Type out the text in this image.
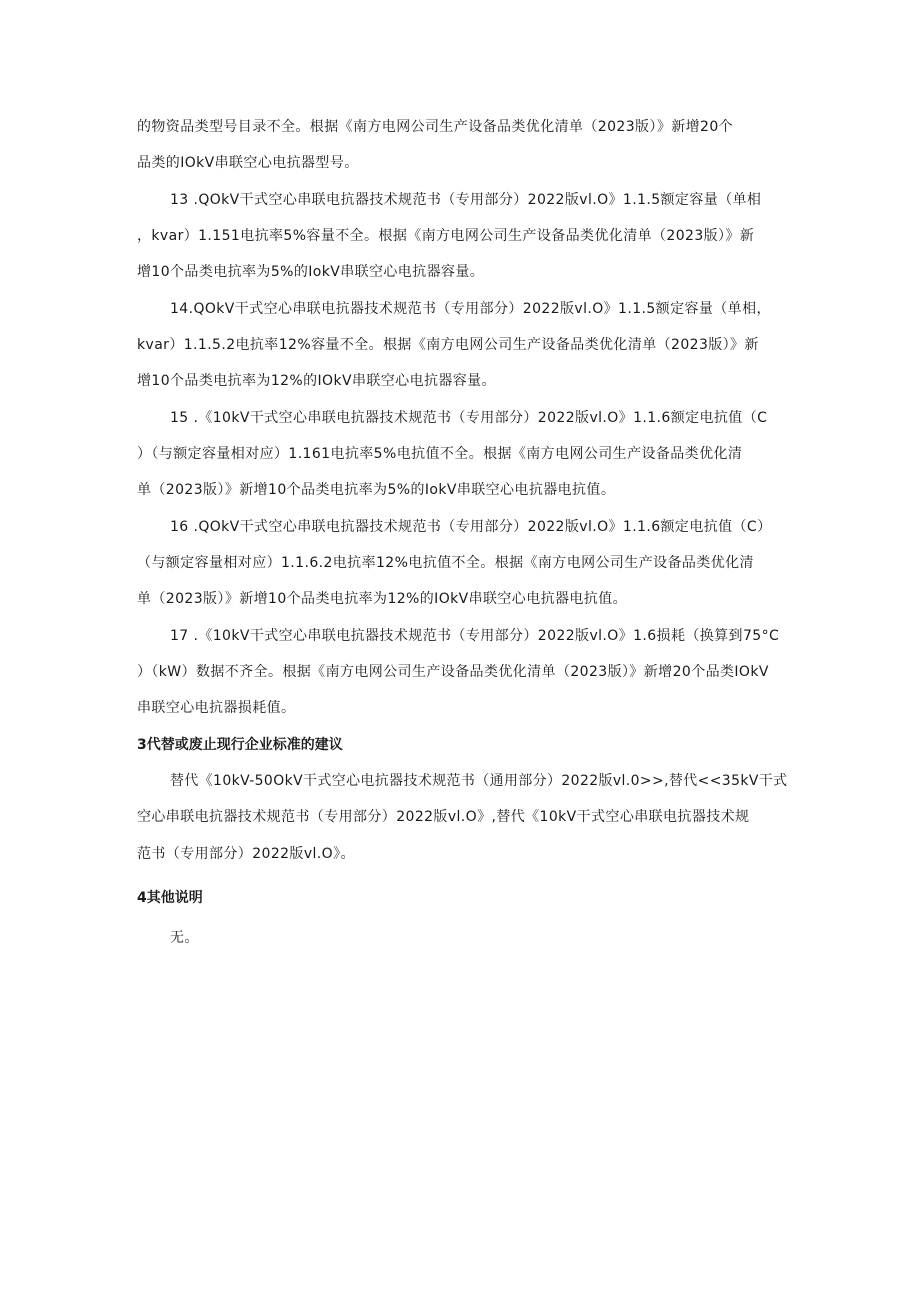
的物资品类型号目录不全。根据《南方电网公司生产设备品类优化清单（2023版）》新增20个
品类的IOkV串联空心电抗器型号。
13 .QOkV干式空心串联电抗器技术规范书（专用部分）2022版vl.O》1.1.5额定容量（单相
，kvar）1.151电抗率5%容量不全。根据《南方电网公司生产设备品类优化清单（2023版）》新
增10个品类电抗率为5%的IokV串联空心电抗器容量。
14.QOkV干式空心串联电抗器技术规范书（专用部分）2022版vl.O》1.1.5额定容量（单相，
kvar）1.1.5.2电抗率12%容量不全。根据《南方电网公司生产设备品类优化清单（2023版）》新
增10个品类电抗率为12%的IOkV串联空心电抗器容量。
15 .《10kV干式空心串联电抗器技术规范书（专用部分）2022版vl.O》1.1.6额定电抗值（C
）（与额定容量相对应）1.161电抗率5%电抗值不全。根据《南方电网公司生产设备品类优化清
单（2023版）》新增10个品类电抗率为5%的IokV串联空心电抗器电抗值。
16 .QOkV干式空心串联电抗器技术规范书（专用部分）2022版vl.O》1.1.6额定电抗值（C）
（与额定容量相对应）1.1.6.2电抗率12%电抗值不全。根据《南方电网公司生产设备品类优化清
单（2023版）》新增10个品类电抗率为12%的IOkV串联空心电抗器电抗值。
17 .《10kV干式空心串联电抗器技术规范书（专用部分）2022版vl.O》1.6损耗（换算到75°C
）（kW）数据不齐全。根据《南方电网公司生产设备品类优化清单（2023版）》新增20个品类IOkV
串联空心电抗器损耗值。
3代替或废止现行企业标准的建议
替代《10kV-50OkV干式空心电抗器技术规范书（通用部分）2022版vl.0>>,替代<<35kV干式
空心串联电抗器技术规范书（专用部分）2022版vl.O》,替代《10kV干式空心串联电抗器技术规
范书（专用部分）2022版vl.O》。
4其他说明
无。
